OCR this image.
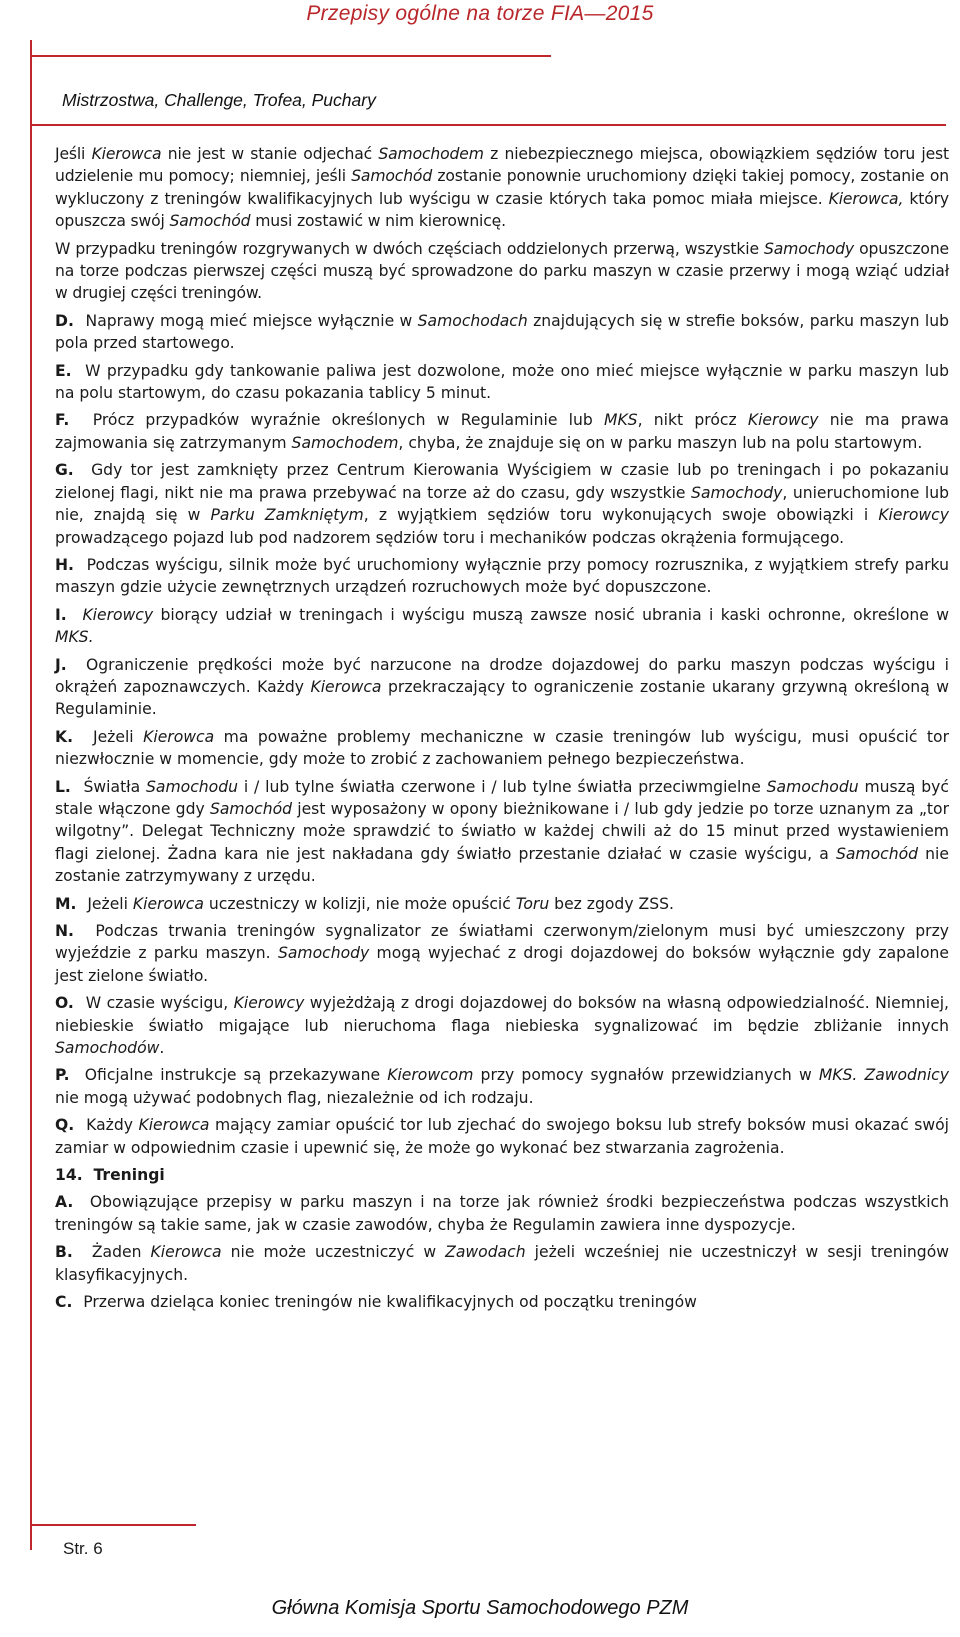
Przepisy ogólne na torze FIA—2015
Mistrzostwa, Challenge, Trofea, Puchary

Jeśli Kierowca nie jest w stanie odjechać Samochodem z niebezpiecznego miejsca, obowiązkiem sędziów toru jest udzielenie mu pomocy; niemniej, jeśli Samochód zostanie ponownie uruchomiony dzięki takiej pomocy, zostanie on wykluczony z treningów kwalifikacyjnych lub wyścigu w czasie których taka pomoc miała miejsce. Kierowca, który opuszcza swój Samochód musi zostawić w nim kierownicę.

W przypadku treningów rozgrywanych w dwóch częściach oddzielonych przerwą, wszystkie Samochody opuszczone na torze podczas pierwszej części muszą być sprowadzone do parku maszyn w czasie przerwy i mogą wziąć udział w drugiej części treningów.

D. Naprawy mogą mieć miejsce wyłącznie w Samochodach znajdujących się w strefie boksów, parku maszyn lub pola przed startowego.

E. W przypadku gdy tankowanie paliwa jest dozwolone, może ono mieć miejsce wyłącznie w parku maszyn lub na polu startowym, do czasu pokazania tablicy 5 minut.

F. Prócz przypadków wyraźnie określonych w Regulaminie lub MKS, nikt prócz Kierowcy nie ma prawa zajmowania się zatrzymanym Samochodem, chyba, że znajduje się on w parku maszyn lub na polu startowym.

G. Gdy tor jest zamknięty przez Centrum Kierowania Wyścigiem w czasie lub po treningach i po pokazaniu zielonej flagi, nikt nie ma prawa przebywać na torze aż do czasu, gdy wszystkie Samochody, unieruchomione lub nie, znajdą się w Parku Zamkniętym, z wyjątkiem sędziów toru wykonujących swoje obowiązki i Kierowcy prowadzącego pojazd lub pod nadzorem sędziów toru i mechaników podczas okrążenia formującego.

H. Podczas wyścigu, silnik może być uruchomiony wyłącznie przy pomocy rozrusznika, z wyjątkiem strefy parku maszyn gdzie użycie zewnętrznych urządzeń rozruchowych może być dopuszczone.

I. Kierowcy biorący udział w treningach i wyścigu muszą zawsze nosić ubrania i kaski ochronne, określone w MKS.

J. Ograniczenie prędkości może być narzucone na drodze dojazdowej do parku maszyn podczas wyścigu i okrążeń zapoznawczych. Każdy Kierowca przekraczający to ograniczenie zostanie ukarany grzywną określoną w Regulaminie.

K. Jeżeli Kierowca ma poważne problemy mechaniczne w czasie treningów lub wyścigu, musi opuścić tor niezwłocznie w momencie, gdy może to zrobić z zachowaniem pełnego bezpieczeństwa.

L. Światła Samochodu i / lub tylne światła czerwone i / lub tylne światła przeciwmgielne Samochodu muszą być stale włączone gdy Samochód jest wyposażony w opony bieżnikowane i / lub gdy jedzie po torze uznanym za „tor wilgotny”. Delegat Techniczny może sprawdzić to światło w każdej chwili aż do 15 minut przed wystawieniem flagi zielonej. Żadna kara nie jest nakładana gdy światło przestanie działać w czasie wyścigu, a Samochód nie zostanie zatrzymywany z urzędu.

M. Jeżeli Kierowca uczestniczy w kolizji, nie może opuścić Toru bez zgody ZSS.

N. Podczas trwania treningów sygnalizator ze światłami czerwonym/zielonym musi być umieszczony przy wyjeździe z parku maszyn. Samochody mogą wyjechać z drogi dojazdowej do boksów wyłącznie gdy zapalone jest zielone światło.

O. W czasie wyścigu, Kierowcy wyjeżdżają z drogi dojazdowej do boksów na własną odpowiedzialność. Niemniej, niebieskie światło migające lub nieruchoma flaga niebieska sygnalizować im będzie zbliżanie innych Samochodów.

P. Oficjalne instrukcje są przekazywane Kierowcom przy pomocy sygnałów przewidzianych w MKS. Zawodnicy nie mogą używać podobnych flag, niezależnie od ich rodzaju.

Q. Każdy Kierowca mający zamiar opuścić tor lub zjechać do swojego boksu lub strefy boksów musi okazać swój zamiar w odpowiednim czasie i upewnić się, że może go wykonać bez stwarzania zagrożenia.

14. Treningi

A. Obowiązujące przepisy w parku maszyn i na torze jak również środki bezpieczeństwa podczas wszystkich treningów są takie same, jak w czasie zawodów, chyba że Regulamin zawiera inne dyspozycje.

B. Żaden Kierowca nie może uczestniczyć w Zawodach jeżeli wcześniej nie uczestniczył w sesji treningów klasyfikacyjnych.

C. Przerwa dzieląca koniec treningów nie kwalifikacyjnych od początku treningów

Str. 6
Główna Komisja Sportu Samochodowego PZM
